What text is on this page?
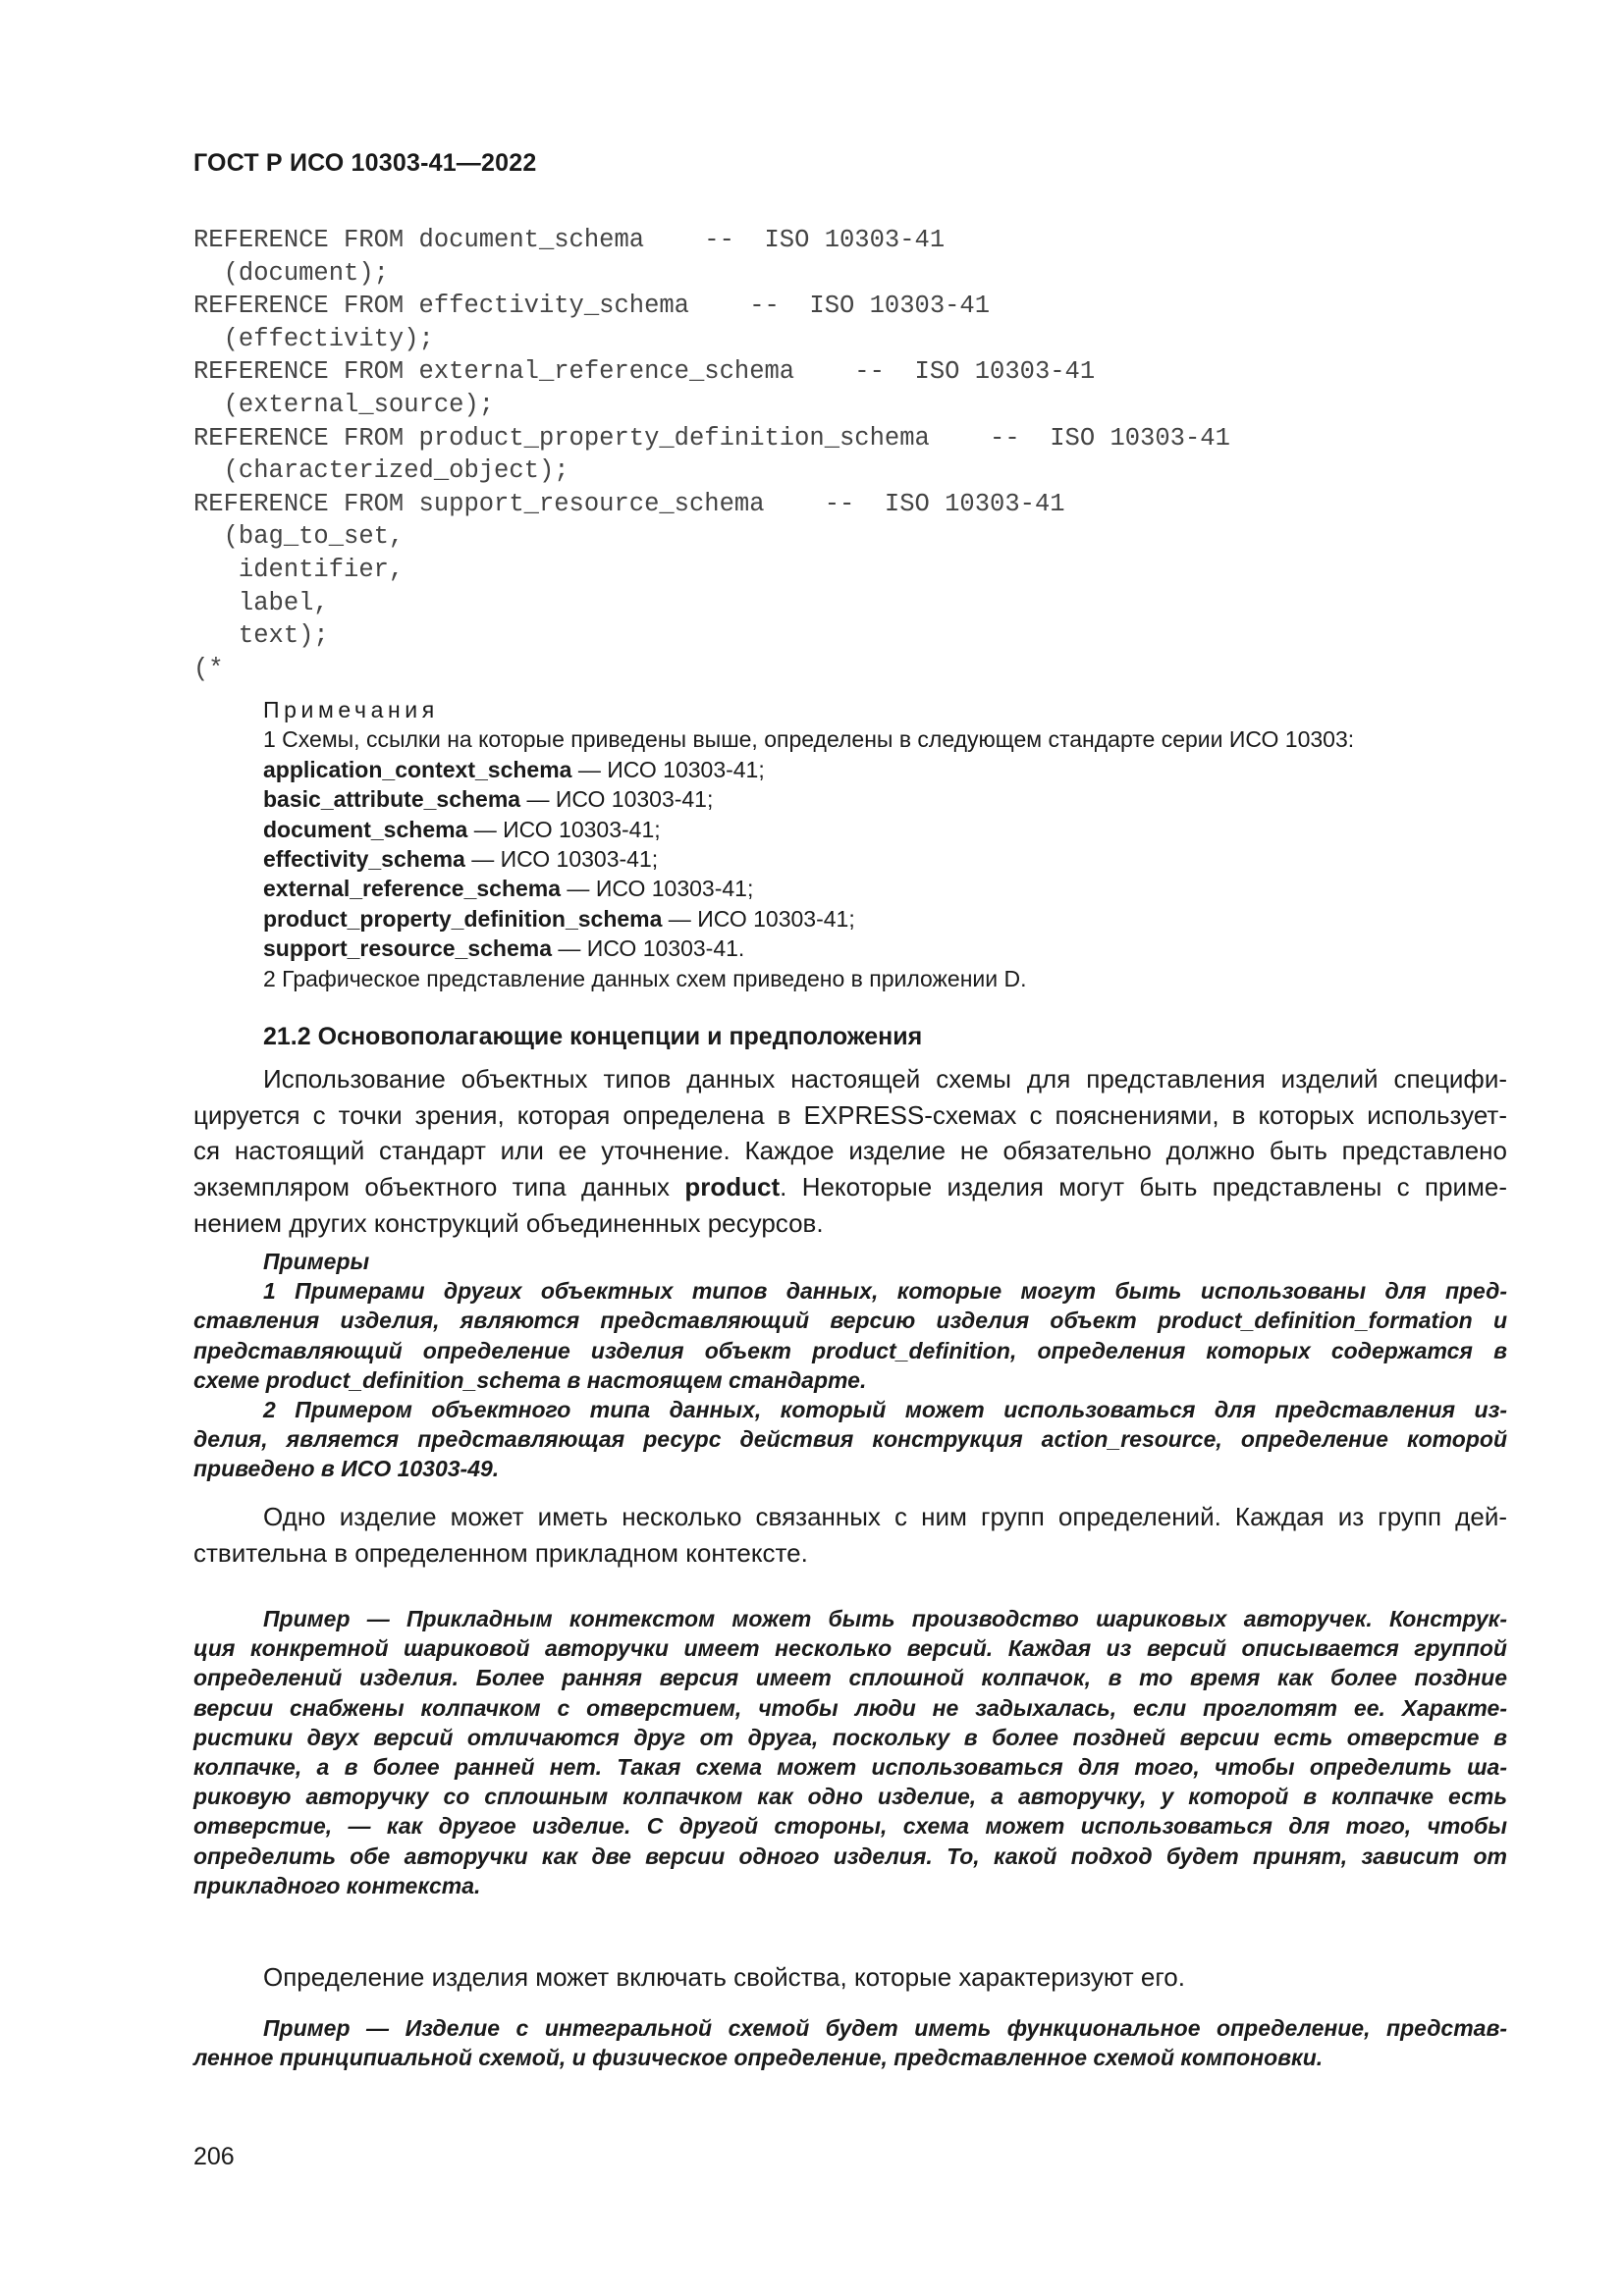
ГОСТ Р ИСО 10303-41—2022
REFERENCE FROM document_schema    --  ISO 10303-41
(document);
REFERENCE FROM effectivity_schema    --  ISO 10303-41
(effectivity);
REFERENCE FROM external_reference_schema    --  ISO 10303-41
(external_source);
REFERENCE FROM product_property_definition_schema    --  ISO 10303-41
(characterized_object);
REFERENCE FROM support_resource_schema    --  ISO 10303-41
(bag_to_set,
identifier,
label,
text);
(*
Примечания
1 Схемы, ссылки на которые приведены выше, определены в следующем стандарте серии ИСО 10303:
application_context_schema — ИСО 10303-41;
basic_attribute_schema — ИСО 10303-41;
document_schema — ИСО 10303-41;
effectivity_schema — ИСО 10303-41;
external_reference_schema — ИСО 10303-41;
product_property_definition_schema — ИСО 10303-41;
support_resource_schema — ИСО 10303-41.
2 Графическое представление данных схем приведено в приложении D.
21.2 Основополагающие концепции и предположения
Использование объектных типов данных настоящей схемы для представления изделий специфи-
цируется с точки зрения, которая определена в EXPRESS-схемах с пояснениями, в которых использует-
ся настоящий стандарт или ее уточнение. Каждое изделие не обязательно должно быть представлено
экземпляром объектного типа данных product. Некоторые изделия могут быть представлены с приме-
нением других конструкций объединенных ресурсов.
Примеры
1 Примерами других объектных типов данных, которые могут быть использованы для пред-
ставления изделия, являются представляющий версию изделия объект product_definition_formation и
представляющий определение изделия объект product_definition, определения которых содержатся в
схеме product_definition_schema в настоящем стандарте.
2 Примером объектного типа данных, который может использоваться для представления из-
делия, является представляющая ресурс действия конструкция action_resource, определение которой
приведено в ИСО 10303-49.
Одно изделие может иметь несколько связанных с ним групп определений. Каждая из групп дей-
ствительна в определенном прикладном контексте.
Пример — Прикладным контекстом может быть производство шариковых авторучек. Конструк-
ция конкретной шариковой авторучки имеет несколько версий. Каждая из версий описывается группой
определений изделия. Более ранняя версия имеет сплошной колпачок, в то время как более поздние
версии снабжены колпачком с отверстием, чтобы люди не задыхалась, если проглотят ее. Характе-
ристики двух версий отличаются друг от друга, поскольку в более поздней версии есть отверстие в
колпачке, а в более ранней нет. Такая схема может использоваться для того, чтобы определить ша-
риковую авторучку со сплошным колпачком как одно изделие, а авторучку, у которой в колпачке есть
отверстие, — как другое изделие. С другой стороны, схема может использоваться для того, чтобы
определить обе авторучки как две версии одного изделия. То, какой подход будет принят, зависит от
прикладного контекста.
Определение изделия может включать свойства, которые характеризуют его.
Пример — Изделие с интегральной схемой будет иметь функциональное определение, представ-
ленное принципиальной схемой, и физическое определение, представленное схемой компоновки.
206
